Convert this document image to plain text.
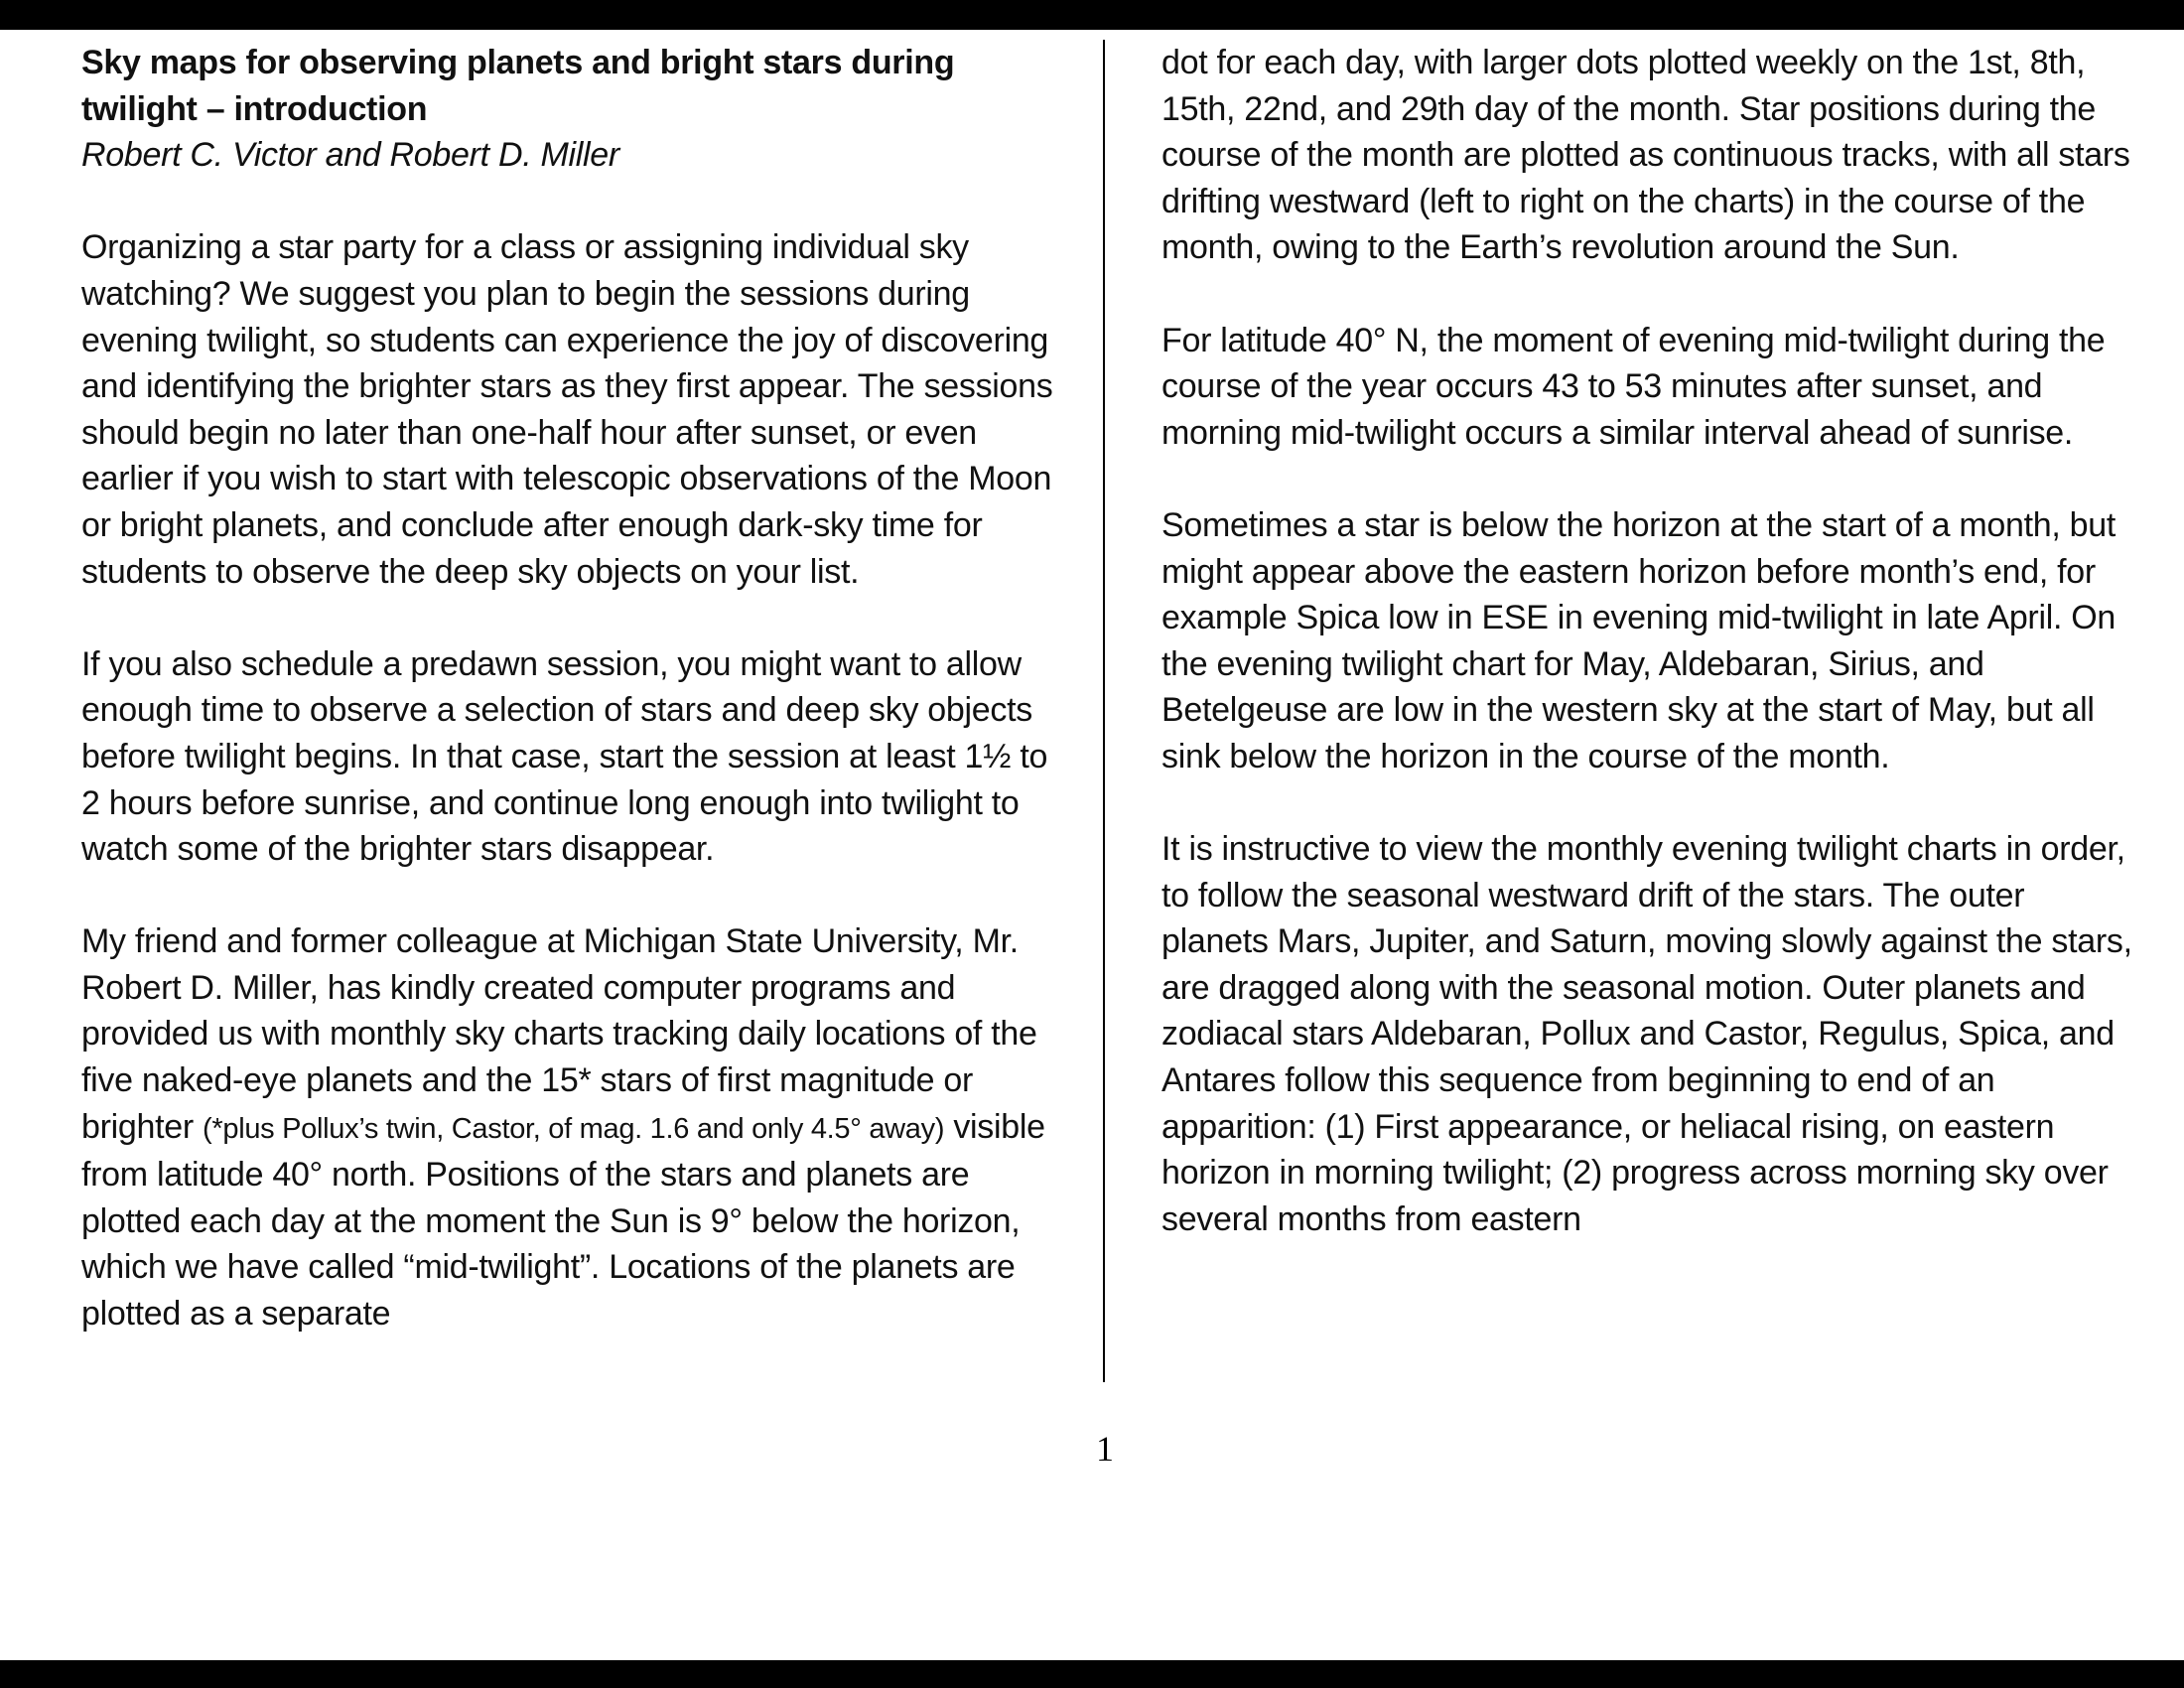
Sky maps for observing planets and bright stars during twilight – introduction

Robert C. Victor and Robert D. Miller

Organizing a star party for a class or assigning individual sky watching? We suggest you plan to begin the sessions during evening twilight, so students can experience the joy of discovering and identifying the brighter stars as they first appear. The sessions should begin no later than one-half hour after sunset, or even earlier if you wish to start with telescopic observations of the Moon or bright planets, and conclude after enough dark-sky time for students to observe the deep sky objects on your list.

If you also schedule a predawn session, you might want to allow enough time to observe a selection of stars and deep sky objects before twilight begins. In that case, start the session at least 1½ to 2 hours before sunrise, and continue long enough into twilight to watch some of the brighter stars disappear.

My friend and former colleague at Michigan State University, Mr. Robert D. Miller, has kindly created computer programs and provided us with monthly sky charts tracking daily locations of the five naked-eye planets and the 15* stars of first magnitude or brighter (*plus Pollux’s twin, Castor, of mag. 1.6 and only 4.5° away) visible from latitude 40° north. Positions of the stars and planets are plotted each day at the moment the Sun is 9° below the horizon, which we have called “mid-twilight”. Locations of the planets are plotted as a separate

dot for each day, with larger dots plotted weekly on the 1st, 8th, 15th, 22nd, and 29th day of the month. Star positions during the course of the month are plotted as continuous tracks, with all stars drifting westward (left to right on the charts) in the course of the month, owing to the Earth’s revolution around the Sun.

For latitude 40° N, the moment of evening mid-twilight during the course of the year occurs 43 to 53 minutes after sunset, and morning mid-twilight occurs a similar interval ahead of sunrise.

Sometimes a star is below the horizon at the start of a month, but might appear above the eastern horizon before month’s end, for example Spica low in ESE in evening mid-twilight in late April. On the evening twilight chart for May, Aldebaran, Sirius, and Betelgeuse are low in the western sky at the start of May, but all sink below the horizon in the course of the month.

It is instructive to view the monthly evening twilight charts in order, to follow the seasonal westward drift of the stars. The outer planets Mars, Jupiter, and Saturn, moving slowly against the stars, are dragged along with the seasonal motion. Outer planets and zodiacal stars Aldebaran, Pollux and Castor, Regulus, Spica, and Antares follow this sequence from beginning to end of an apparition: (1) First appearance, or heliacal rising, on eastern horizon in morning twilight; (2) progress across morning sky over several months from eastern

1
